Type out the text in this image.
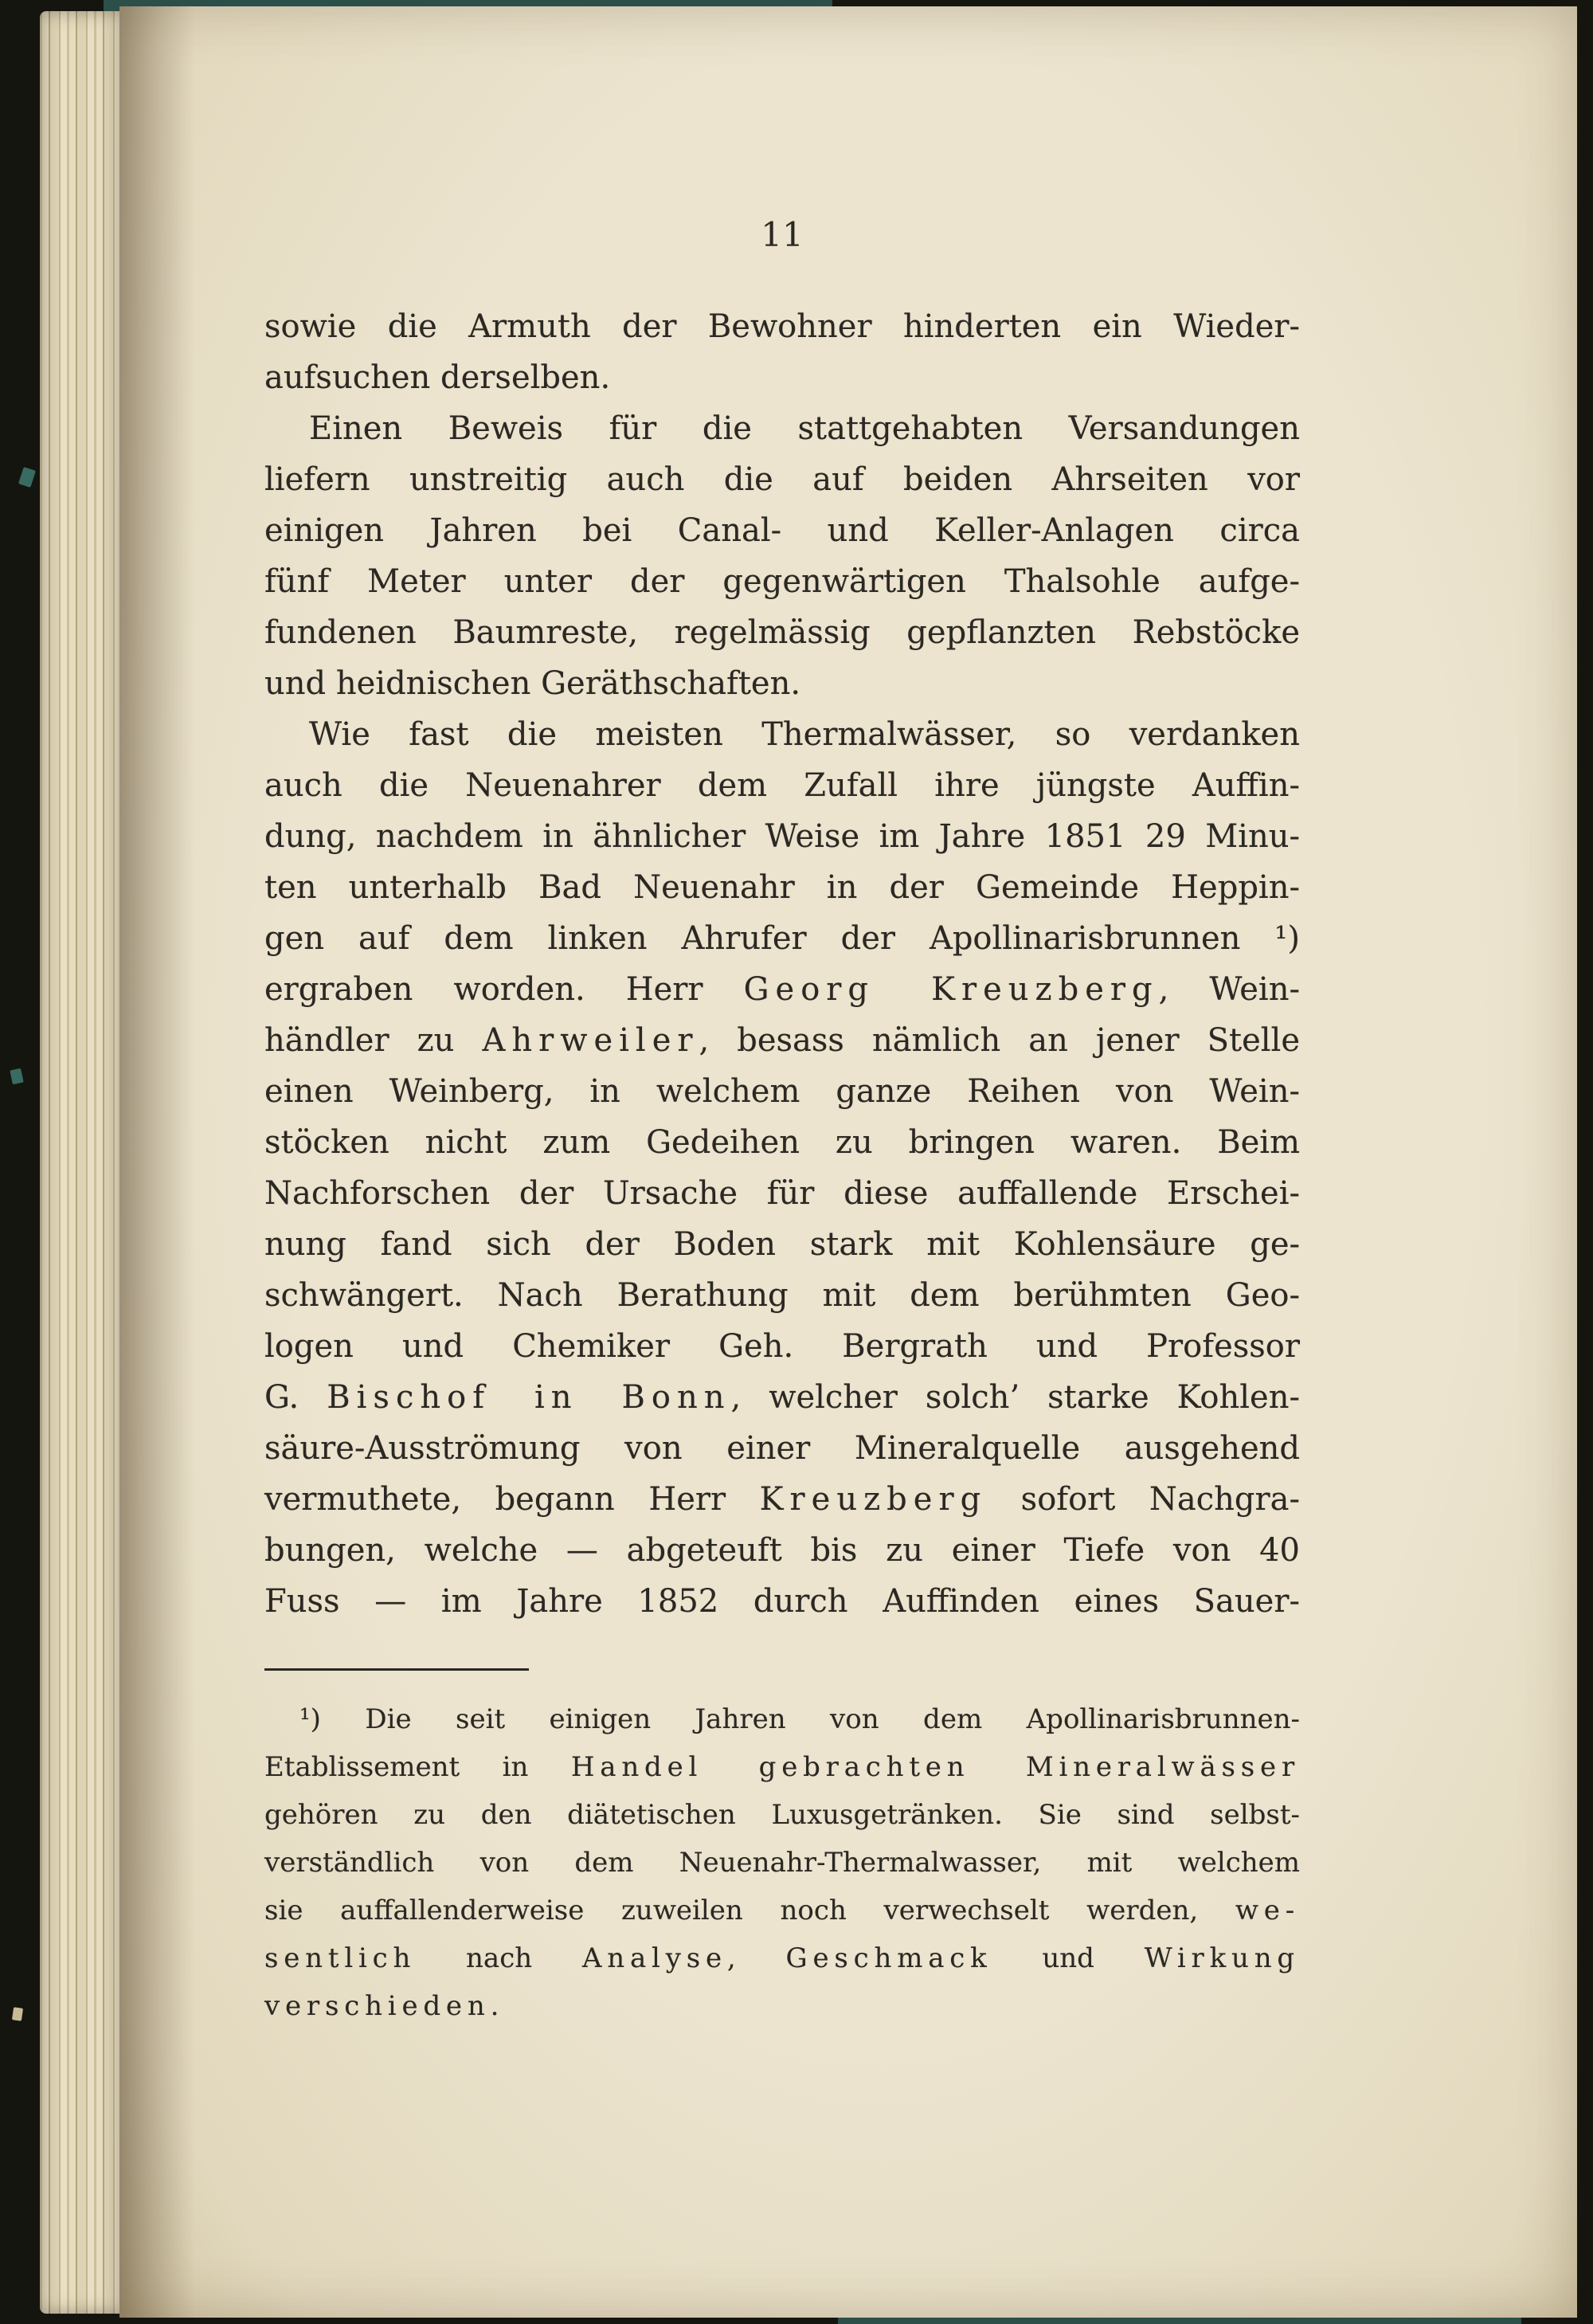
11
sowie die Armuth der Bewohner hinderten ein Wieder-
aufsuchen derselben.
Einen Beweis für die stattgehabten Versandungen
liefern unstreitig auch die auf beiden Ahrseiten vor
einigen Jahren bei Canal- und Keller-Anlagen circa
fünf Meter unter der gegenwärtigen Thalsohle aufge-
fundenen Baumreste, regelmässig gepflanzten Rebstöcke
und heidnischen Geräthschaften.
Wie fast die meisten Thermalwässer, so verdanken
auch die Neuenahrer dem Zufall ihre jüngste Auffin-
dung, nachdem in ähnlicher Weise im Jahre 1851 29 Minu-
ten unterhalb Bad Neuenahr in der Gemeinde Heppin-
gen auf dem linken Ahrufer der Apollinarisbrunnen ¹)
ergraben worden. Herr Georg Kreuzberg, Wein-
händler zu Ahrweiler, besass nämlich an jener Stelle
einen Weinberg, in welchem ganze Reihen von Wein-
stöcken nicht zum Gedeihen zu bringen waren. Beim
Nachforschen der Ursache für diese auffallende Erschei-
nung fand sich der Boden stark mit Kohlensäure ge-
schwängert. Nach Berathung mit dem berühmten Geo-
logen und Chemiker Geh. Bergrath und Professor
G. Bischof in Bonn, welcher solch’ starke Kohlen-
säure-Ausströmung von einer Mineralquelle ausgehend
vermuthete, begann Herr Kreuzberg sofort Nachgra-
bungen, welche — abgeteuft bis zu einer Tiefe von 40
Fuss — im Jahre 1852 durch Auffinden eines Sauer-
¹) Die seit einigen Jahren von dem Apollinarisbrunnen-
Etablissement in Handel gebrachten Mineralwässer
gehören zu den diätetischen Luxusgetränken. Sie sind selbst-
verständlich von dem Neuenahr-Thermalwasser, mit welchem
sie auffallenderweise zuweilen noch verwechselt werden, we-
sentlich nach Analyse, Geschmack und Wirkung
verschieden.
